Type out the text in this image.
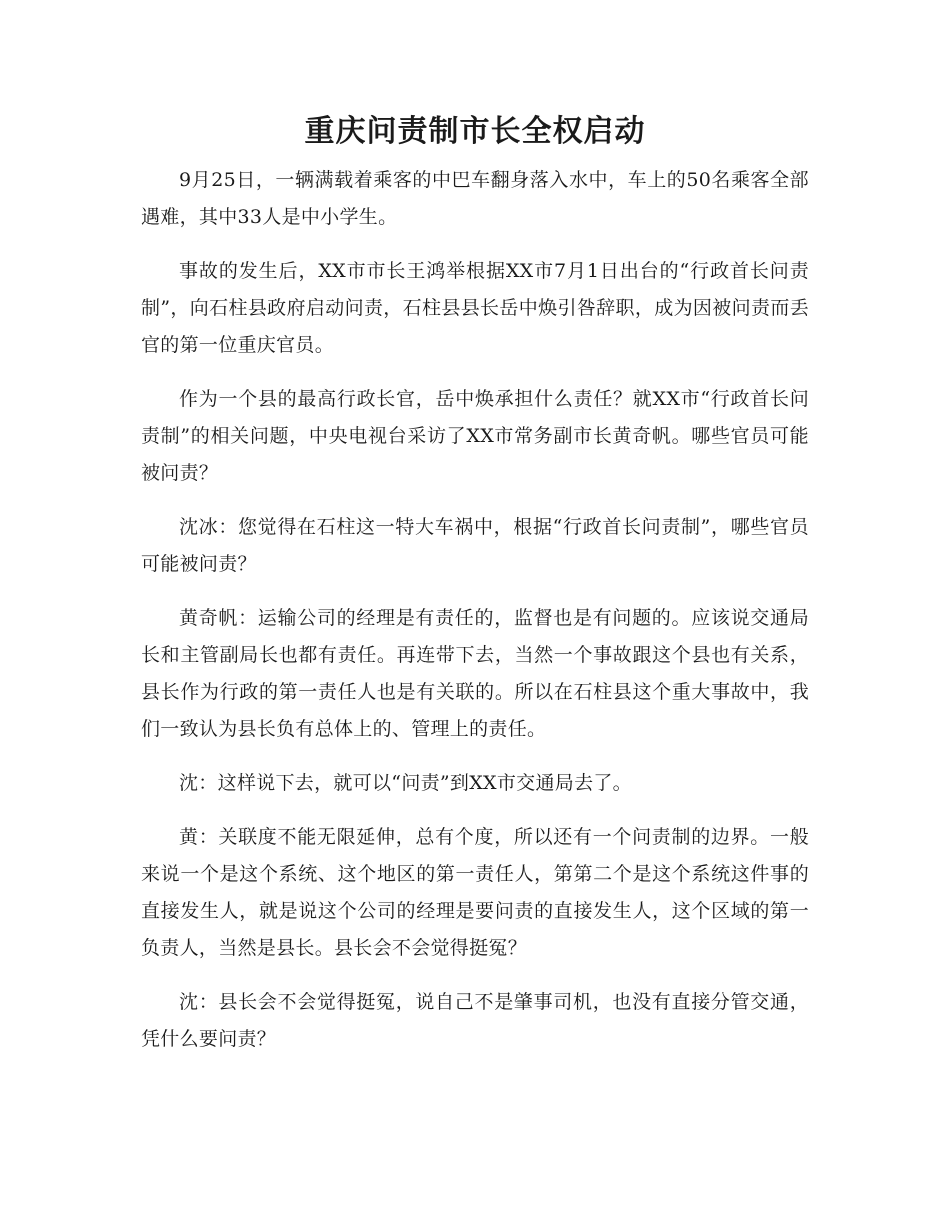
重庆问责制市长全权启动

9月25日，一辆满载着乘客的中巴车翻身落入水中，车上的50名乘客全部遇难，其中33人是中小学生。

事故的发生后，XX市市长王鸿举根据XX市7月1日出台的“行政首长问责制”，向石柱县政府启动问责，石柱县县长岳中焕引咎辞职，成为因被问责而丢官的第一位重庆官员。

作为一个县的最高行政长官，岳中焕承担什么责任？就XX市“行政首长问责制”的相关问题，中央电视台采访了XX市常务副市长黄奇帆。哪些官员可能被问责？

沈冰：您觉得在石柱这一特大车祸中，根据“行政首长问责制”，哪些官员可能被问责？

黄奇帆：运输公司的经理是有责任的，监督也是有问题的。应该说交通局长和主管副局长也都有责任。再连带下去，当然一个事故跟这个县也有关系，县长作为行政的第一责任人也是有关联的。所以在石柱县这个重大事故中，我们一致认为县长负有总体上的、管理上的责任。

沈：这样说下去，就可以“问责”到XX市交通局去了。

黄：关联度不能无限延伸，总有个度，所以还有一个问责制的边界。一般来说一个是这个系统、这个地区的第一责任人，第第二个是这个系统这件事的直接发生人，就是说这个公司的经理是要问责的直接发生人，这个区域的第一负责人，当然是县长。县长会不会觉得挺冤？

沈：县长会不会觉得挺冤，说自己不是肇事司机，也没有直接分管交通，凭什么要问责？
